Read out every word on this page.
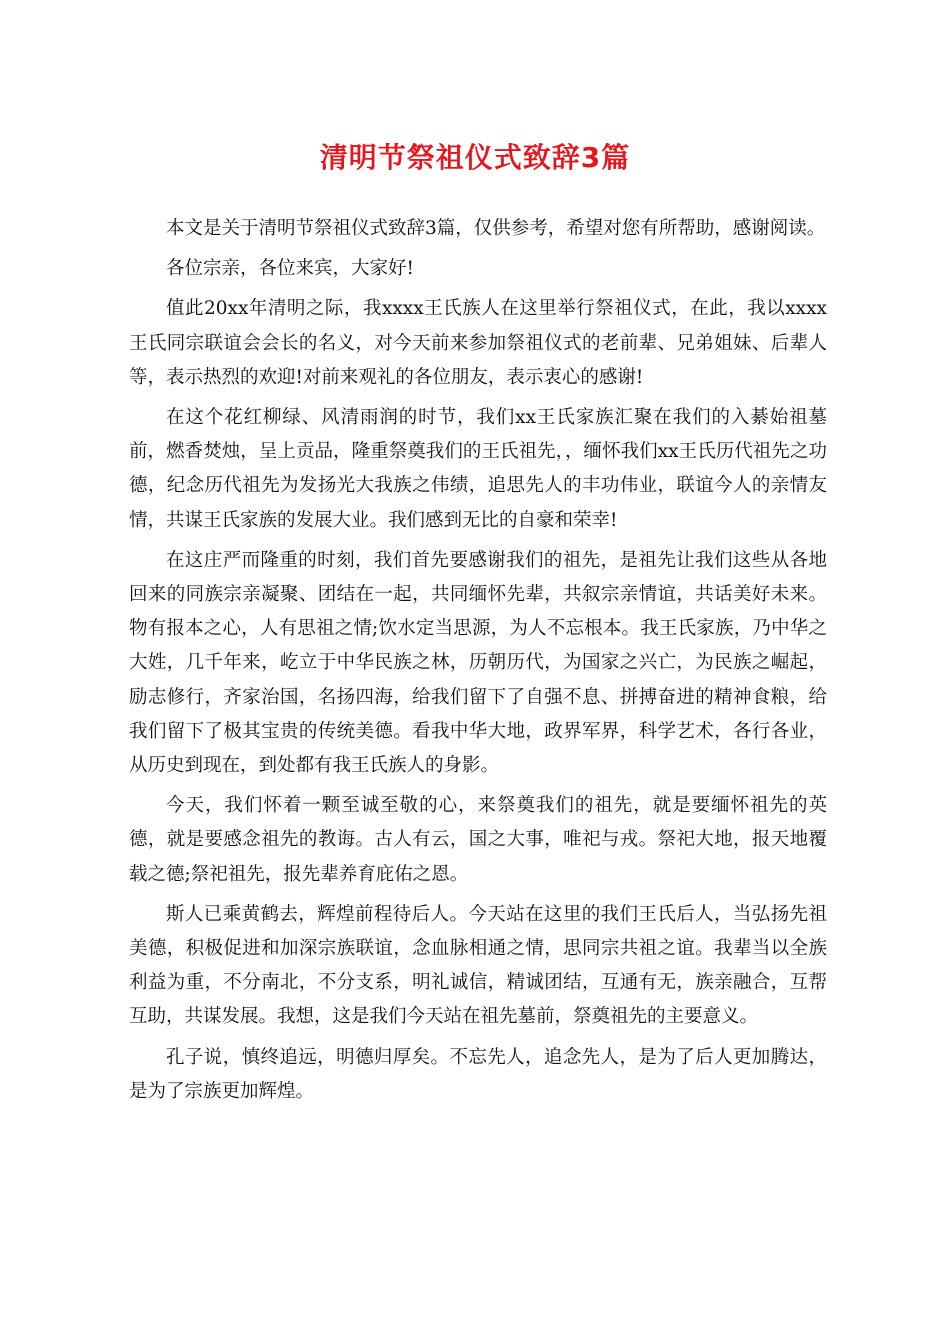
清明节祭祖仪式致辞3篇

本文是关于清明节祭祖仪式致辞3篇，仅供参考，希望对您有所帮助，感谢阅读。

各位宗亲，各位来宾，大家好!

值此20xx年清明之际，我xxxx王氏族人在这里举行祭祖仪式，在此，我以xxxx王氏同宗联谊会会长的名义，对今天前来参加祭祖仪式的老前辈、兄弟姐妹、后辈人等，表示热烈的欢迎!对前来观礼的各位朋友，表示衷心的感谢!

在这个花红柳绿、风清雨润的时节，我们xx王氏家族汇聚在我们的入綦始祖墓前，燃香焚烛，呈上贡品，隆重祭奠我们的王氏祖先，，缅怀我们xx王氏历代祖先之功德，纪念历代祖先为发扬光大我族之伟绩，追思先人的丰功伟业，联谊今人的亲情友情，共谋王氏家族的发展大业。我们感到无比的自豪和荣幸!

在这庄严而隆重的时刻，我们首先要感谢我们的祖先，是祖先让我们这些从各地回来的同族宗亲凝聚、团结在一起，共同缅怀先辈，共叙宗亲情谊，共话美好未来。物有报本之心，人有思祖之情;饮水定当思源，为人不忘根本。我王氏家族，乃中华之大姓，几千年来，屹立于中华民族之林，历朝历代，为国家之兴亡，为民族之崛起，励志修行，齐家治国，名扬四海，给我们留下了自强不息、拼搏奋进的精神食粮，给我们留下了极其宝贵的传统美德。看我中华大地，政界军界，科学艺术，各行各业，从历史到现在，到处都有我王氏族人的身影。

今天，我们怀着一颗至诚至敬的心，来祭奠我们的祖先，就是要缅怀祖先的英德，就是要感念祖先的教诲。古人有云，国之大事，唯祀与戎。祭祀大地，报天地覆载之德;祭祀祖先，报先辈养育庇佑之恩。

斯人已乘黄鹤去，辉煌前程待后人。今天站在这里的我们王氏后人，当弘扬先祖美德，积极促进和加深宗族联谊，念血脉相通之情，思同宗共祖之谊。我辈当以全族利益为重，不分南北，不分支系，明礼诚信，精诚团结，互通有无，族亲融合，互帮互助，共谋发展。我想，这是我们今天站在祖先墓前，祭奠祖先的主要意义。

孔子说，慎终追远，明德归厚矣。不忘先人，追念先人，是为了后人更加腾达，是为了宗族更加辉煌。
